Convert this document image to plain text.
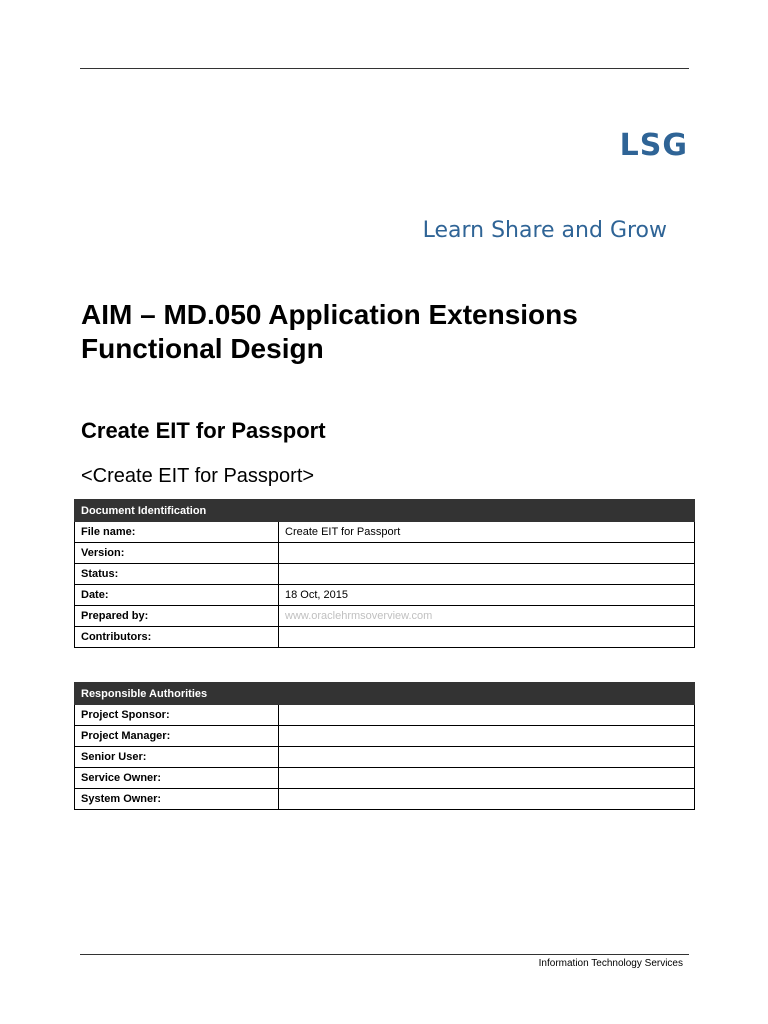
LSG
Learn Share and Grow
AIM – MD.050 Application Extensions
Functional Design
Create EIT for Passport
<Create EIT for Passport>
Document Identification	
File name:	Create EIT for Passport
Version:	
Status:	
Date:	18 Oct, 2015
Prepared by:	www.oraclehrmsoverview.com
Contributors:	
Responsible Authorities	
Project Sponsor:	
Project Manager:	
Senior User:	
Service Owner:	
System Owner:	
Information Technology Services
